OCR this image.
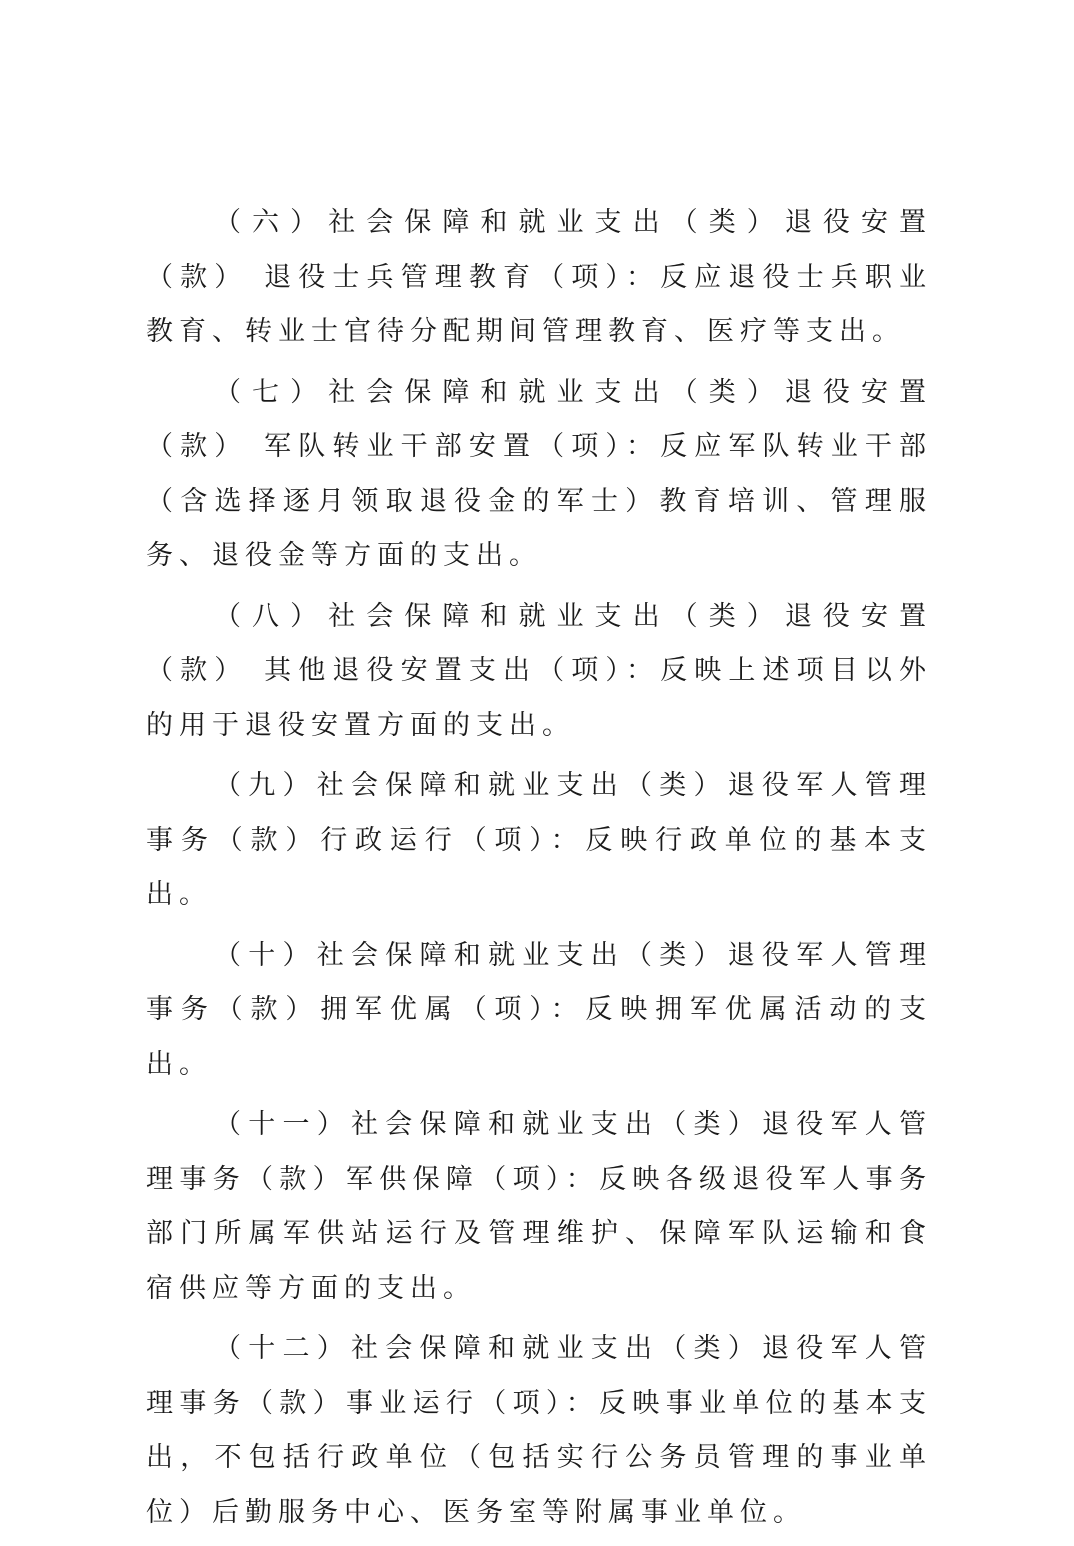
（六）社会保障和就业支出（类）退役安置（款） 退役士兵管理教育（项）：反应退役士兵职业教育、转业士官待分配期间管理教育、医疗等支出。

（七）社会保障和就业支出（类）退役安置（款） 军队转业干部安置（项）：反应军队转业干部（含选择逐月领取退役金的军士）教育培训、管理服务、退役金等方面的支出。

（八）社会保障和就业支出（类）退役安置（款） 其他退役安置支出（项）：反映上述项目以外的用于退役安置方面的支出。

（九）社会保障和就业支出（类）退役军人管理事务（款）行政运行（项）：反映行政单位的基本支出。

（十）社会保障和就业支出（类）退役军人管理事务（款）拥军优属（项）：反映拥军优属活动的支出。

（十一）社会保障和就业支出（类）退役军人管理事务（款）军供保障（项）：反映各级退役军人事务部门所属军供站运行及管理维护、保障军队运输和食宿供应等方面的支出。

（十二）社会保障和就业支出（类）退役军人管理事务（款）事业运行（项）：反映事业单位的基本支出，不包括行政单位（包括实行公务员管理的事业单位）后勤服务中心、医务室等附属事业单位。
